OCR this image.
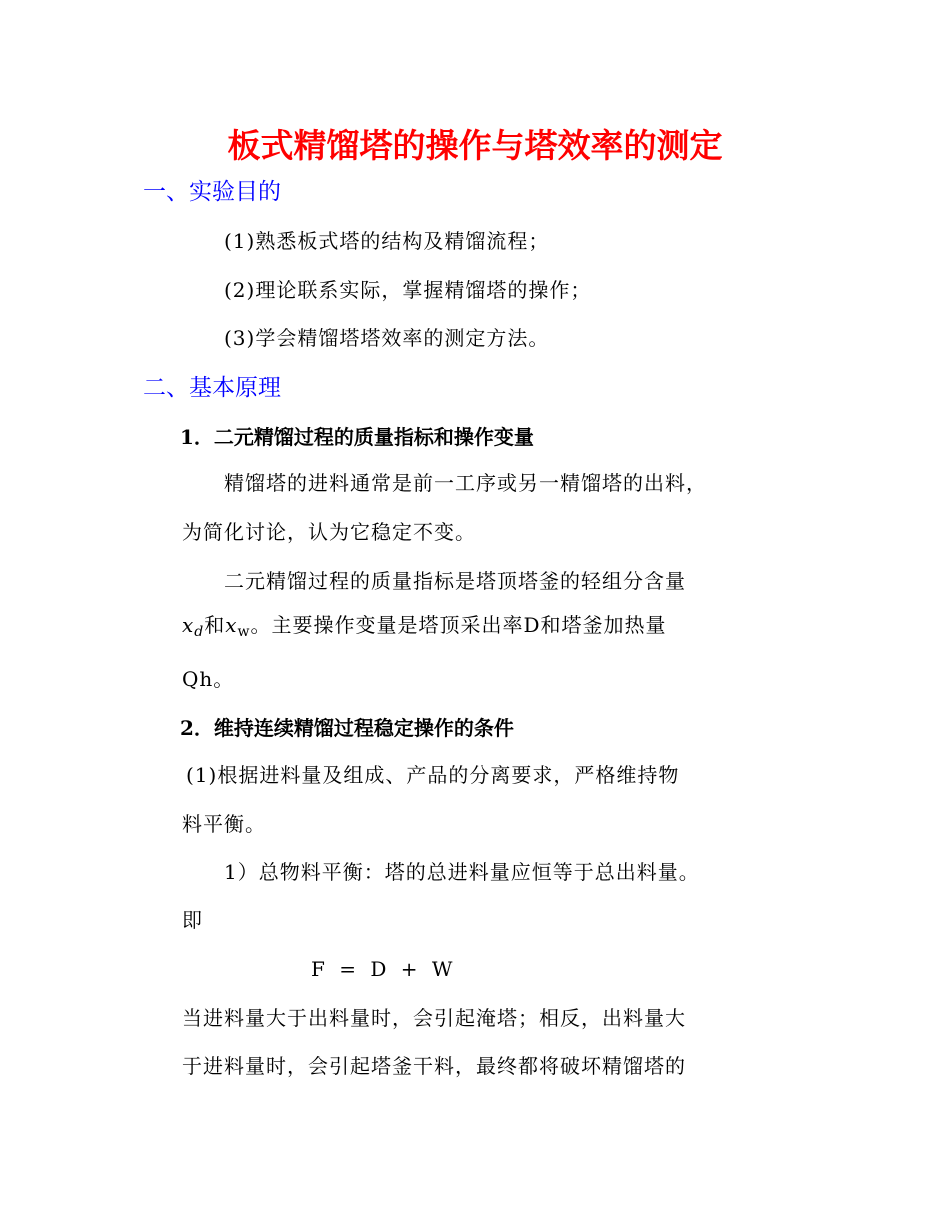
板式精馏塔的操作与塔效率的测定
一、实验目的
(1)熟悉板式塔的结构及精馏流程；
(2)理论联系实际，掌握精馏塔的操作；
(3)学会精馏塔塔效率的测定方法。
二、基本原理
1．二元精馏过程的质量指标和操作变量
精馏塔的进料通常是前一工序或另一精馏塔的出料，
为简化讨论，认为它稳定不变。
二元精馏过程的质量指标是塔顶塔釜的轻组分含量
$x_d$和$x_w$。主要操作变量是塔顶采出率D和塔釜加热量
Qh。
2．维持连续精馏过程稳定操作的条件
(1)根据进料量及组成、产品的分离要求，严格维持物
料平衡。
1）总物料平衡：塔的总进料量应恒等于总出料量。
即
F = D + W
当进料量大于出料量时，会引起淹塔；相反，出料量大
于进料量时，会引起塔釜干料，最终都将破坏精馏塔的
